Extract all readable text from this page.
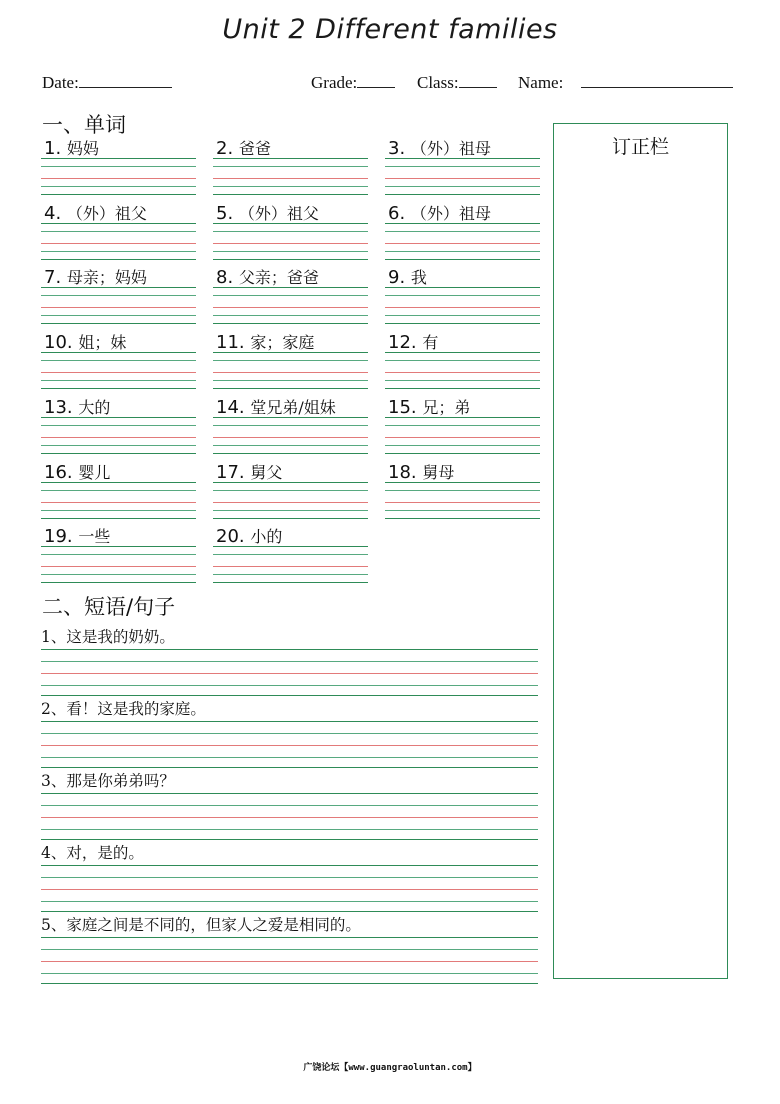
Unit 2 Different families
Date:	Grade:	Class:	Name:
一、单词
1. 妈妈	2. 爸爸	3. （外）祖母
4. （外）祖父	5. （外）祖父	6. （外）祖母
7. 母亲；妈妈	8. 父亲；爸爸	9. 我
10. 姐；妹	11. 家；家庭	12. 有
13. 大的	14. 堂兄弟/姐妹	15. 兄；弟
16. 婴儿	17. 舅父	18. 舅母
19. 一些	20. 小的
二、短语/句子
1、这是我的奶奶。
2、看！这是我的家庭。
3、那是你弟弟吗？
4、对，是的。
5、家庭之间是不同的，但家人之爱是相同的。
订正栏
广饶论坛【www.guangraoluntan.com】
